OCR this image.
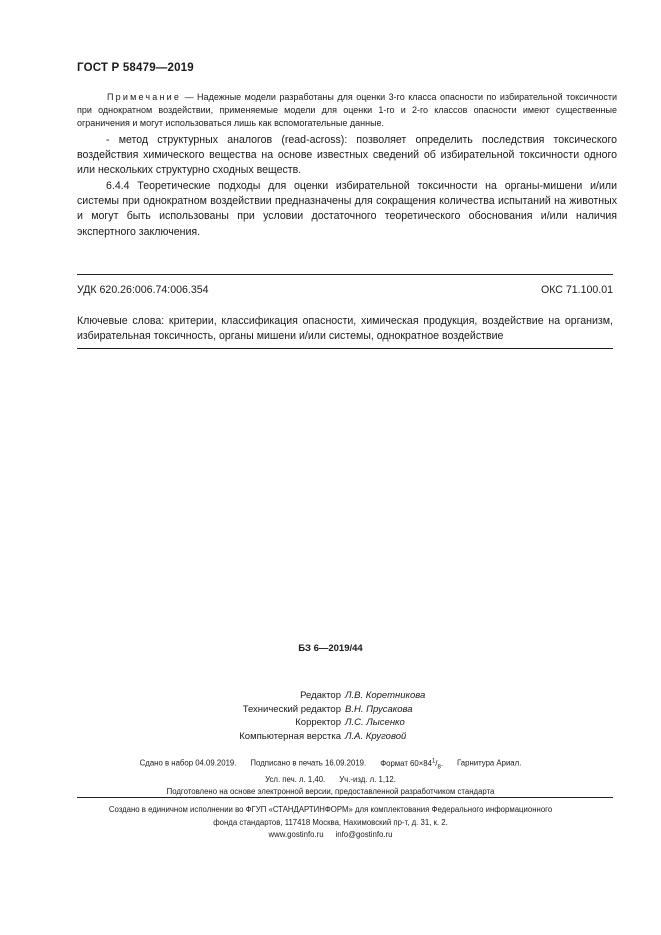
ГОСТ Р 58479—2019
Примечание — Надежные модели разработаны для оценки 3-го класса опасности по избирательной токсичности при однократном воздействии, применяемые модели для оценки 1-го и 2-го классов опасности имеют существенные ограничения и могут использоваться лишь как вспомогательные данные.
- метод структурных аналогов (read-across): позволяет определить последствия токсического воздействия химического вещества на основе известных сведений об избирательной токсичности одного или нескольких структурно сходных веществ.
6.4.4 Теоретические подходы для оценки избирательной токсичности на органы-мишени и/или системы при однократном воздействии предназначены для сокращения количества испытаний на животных и могут быть использованы при условии достаточного теоретического обоснования и/или наличия экспертного заключения.
УДК 620.26:006.74:006.354	ОКС 71.100.01
Ключевые слова: критерии, классификация опасности, химическая продукция, воздействие на организм, избирательная токсичность, органы мишени и/или системы, однократное воздействие
БЗ 6—2019/44
Редактор Л.В. Коретникова
Технический редактор В.Н. Прусакова
Корректор Л.С. Лысенко
Компьютерная верстка Л.А. Круговой
Сдано в набор 04.09.2019. Подписано в печать 16.09.2019. Формат $60\times 84^1/_8$. Гарнитура Ариал.
Усл. печ. л. 1,40. Уч.-изд. л. 1,12.
Подготовлено на основе электронной версии, предоставленной разработчиком стандарта
Создано в единичном исполнении во ФГУП «СТАНДАРТИНФОРМ» для комплектования Федерального информационного
фонда стандартов, 117418 Москва, Нахимовский пр-т, д. 31, к. 2.
www.gostinfo.ru info@gostinfo.ru
